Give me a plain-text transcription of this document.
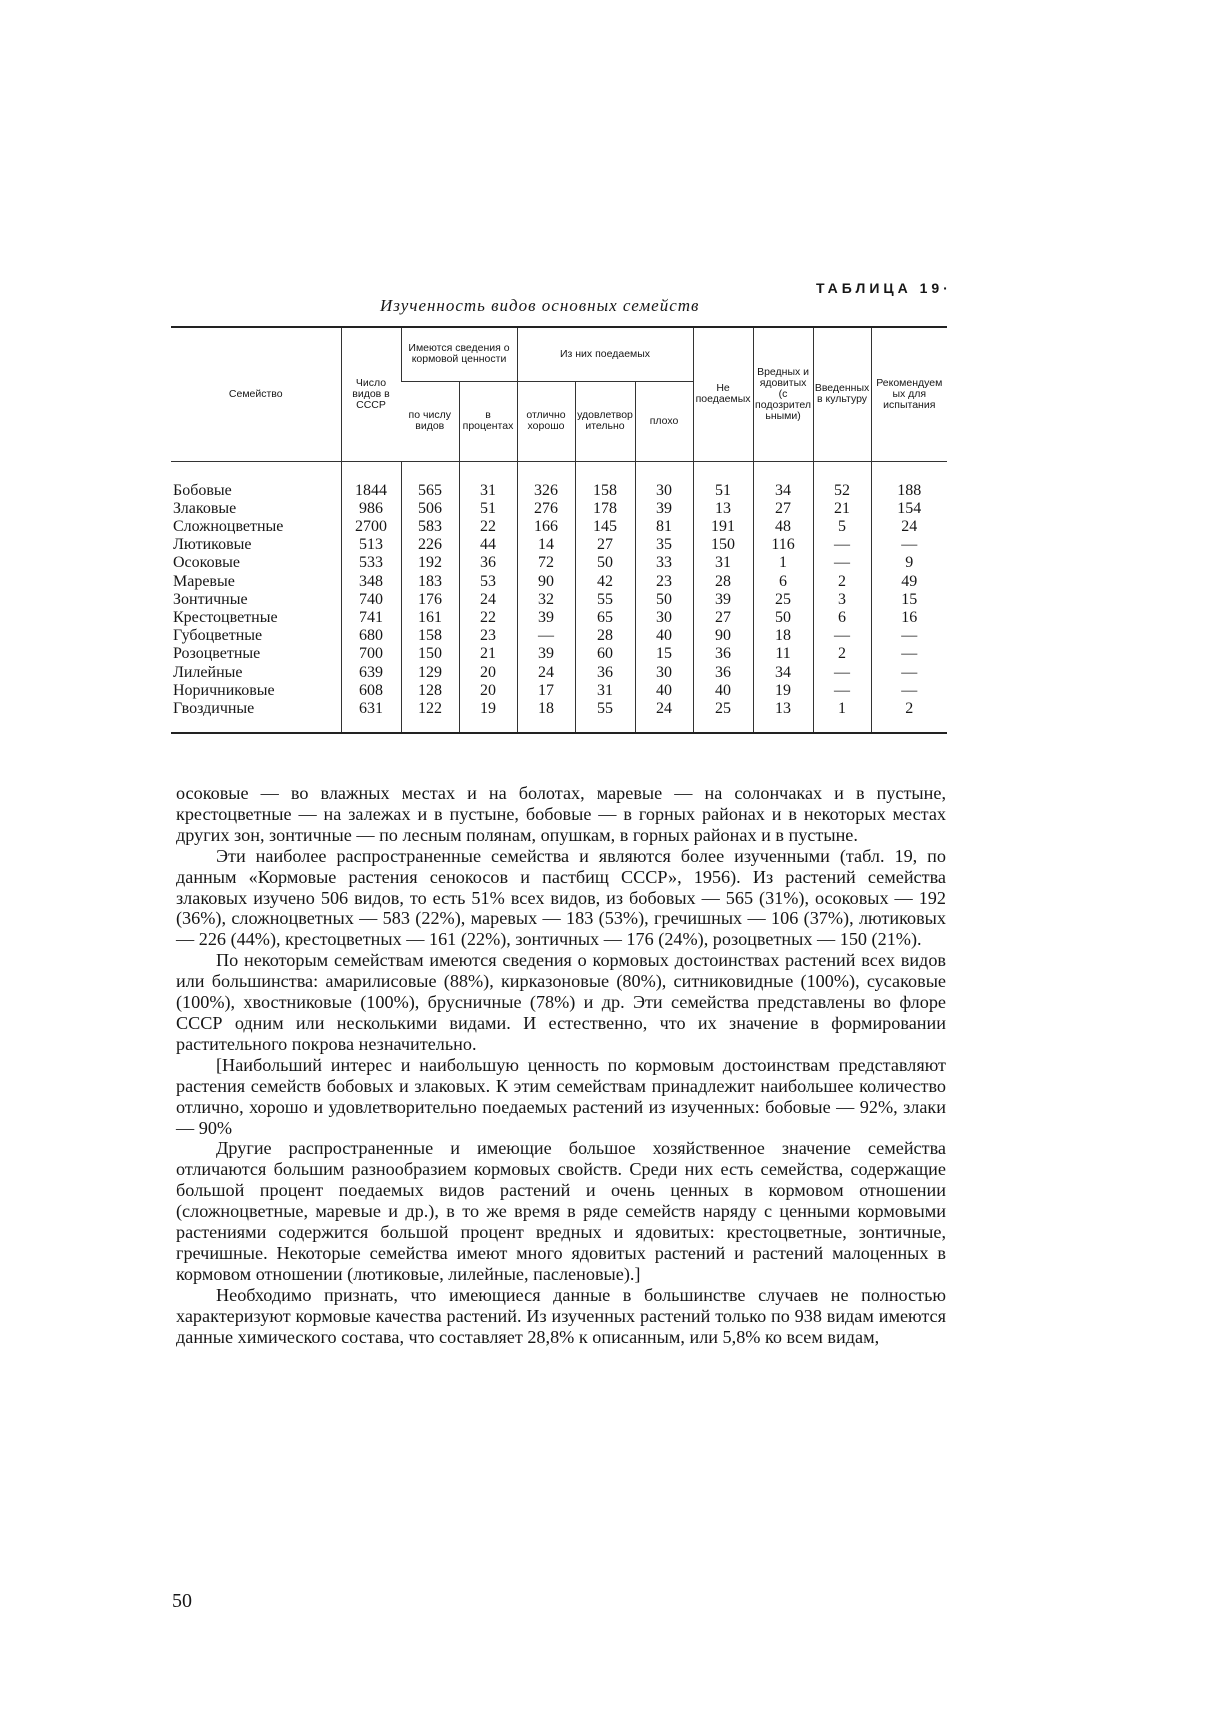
ТАБЛИЦА 19·
Изученность видов основных семейств
Семейство	Число видов в СССР	Имеются сведения о кормовой ценности		Из них поедаемых			Не поедаемых	Вредных и ядовитых (с подозрительными)	Введенных в культуру	Рекомендуемых для испытания
		по числу видов	в процентах	отлично хорошо	удовлетворительно	плохо				

Бобовые	1844	565	31	326	158	30	51	34	52	188
Злаковые	986	506	51	276	178	39	13	27	21	154
Сложноцветные	2700	583	22	166	145	81	191	48	5	24
Лютиковые	513	226	44	14	27	35	150	116	—	—
Осоковые	533	192	36	72	50	33	31	1	—	9
Маревые	348	183	53	90	42	23	28	6	2	49
Зонтичные	740	176	24	32	55	50	39	25	3	15
Крестоцветные	741	161	22	39	65	30	27	50	6	16
Губоцветные	680	158	23	—	28	40	90	18	—	—
Розоцветные	700	150	21	39	60	15	36	11	2	—
Лилейные	639	129	20	24	36	30	36	34	—	—
Норичниковые	608	128	20	17	31	40	40	19	—	—
Гвоздичные	631	122	19	18	55	24	25	13	1	2

осоковые — во влажных местах и на болотах, маревые — на солончаках и в пустыне, крестоцветные — на залежах и в пустыне, бобовые — в горных районах и в некоторых местах других зон, зонтичные — по лесным полянам, опушкам, в горных районах и в пустыне.

Эти наиболее распространенные семейства и являются более изученными (табл. 19, по данным «Кормовые растения сенокосов и пастбищ СССР», 1956). Из растений семейства злаковых изучено 506 видов, то есть 51% всех видов, из бобовых — 565 (31%), осоковых — 192 (36%), сложноцветных — 583 (22%), маревых — 183 (53%), гречишных — 106 (37%), лютиковых — 226 (44%), крестоцветных — 161 (22%), зонтичных — 176 (24%), розоцветных — 150 (21%).

По некоторым семействам имеются сведения о кормовых достоинствах растений всех видов или большинства: амарилисовые (88%), кирказоновые (80%), ситниковидные (100%), сусаковые (100%), хвостниковые (100%), брусничные (78%) и др. Эти семейства представлены во флоре СССР одним или несколькими видами. И естественно, что их значение в формировании растительного покрова незначительно.

[Наибольший интерес и наибольшую ценность по кормовым достоинствам представляют растения семейств бобовых и злаковых. К этим семействам принадлежит наибольшее количество отлично, хорошо и удовлетворительно поедаемых растений из изученных: бобовые — 92%, злаки — 90%

Другие распространенные и имеющие большое хозяйственное значение семейства отличаются большим разнообразием кормовых свойств. Среди них есть семейства, содержащие большой процент поедаемых видов растений и очень ценных в кормовом отношении (сложноцветные, маревые и др.), в то же время в ряде семейств наряду с ценными кормовыми растениями содержится большой процент вредных и ядовитых: крестоцветные, зонтичные, гречишные. Некоторые семейства имеют много ядовитых растений и растений малоценных в кормовом отношении (лютиковые, лилейные, пасленовые).]

Необходимо признать, что имеющиеся данные в большинстве случаев не полностью характеризуют кормовые качества растений. Из изученных растений только по 938 видам имеются данные химического состава, что составляет 28,8% к описанным, или 5,8% ко всем видам,

50
